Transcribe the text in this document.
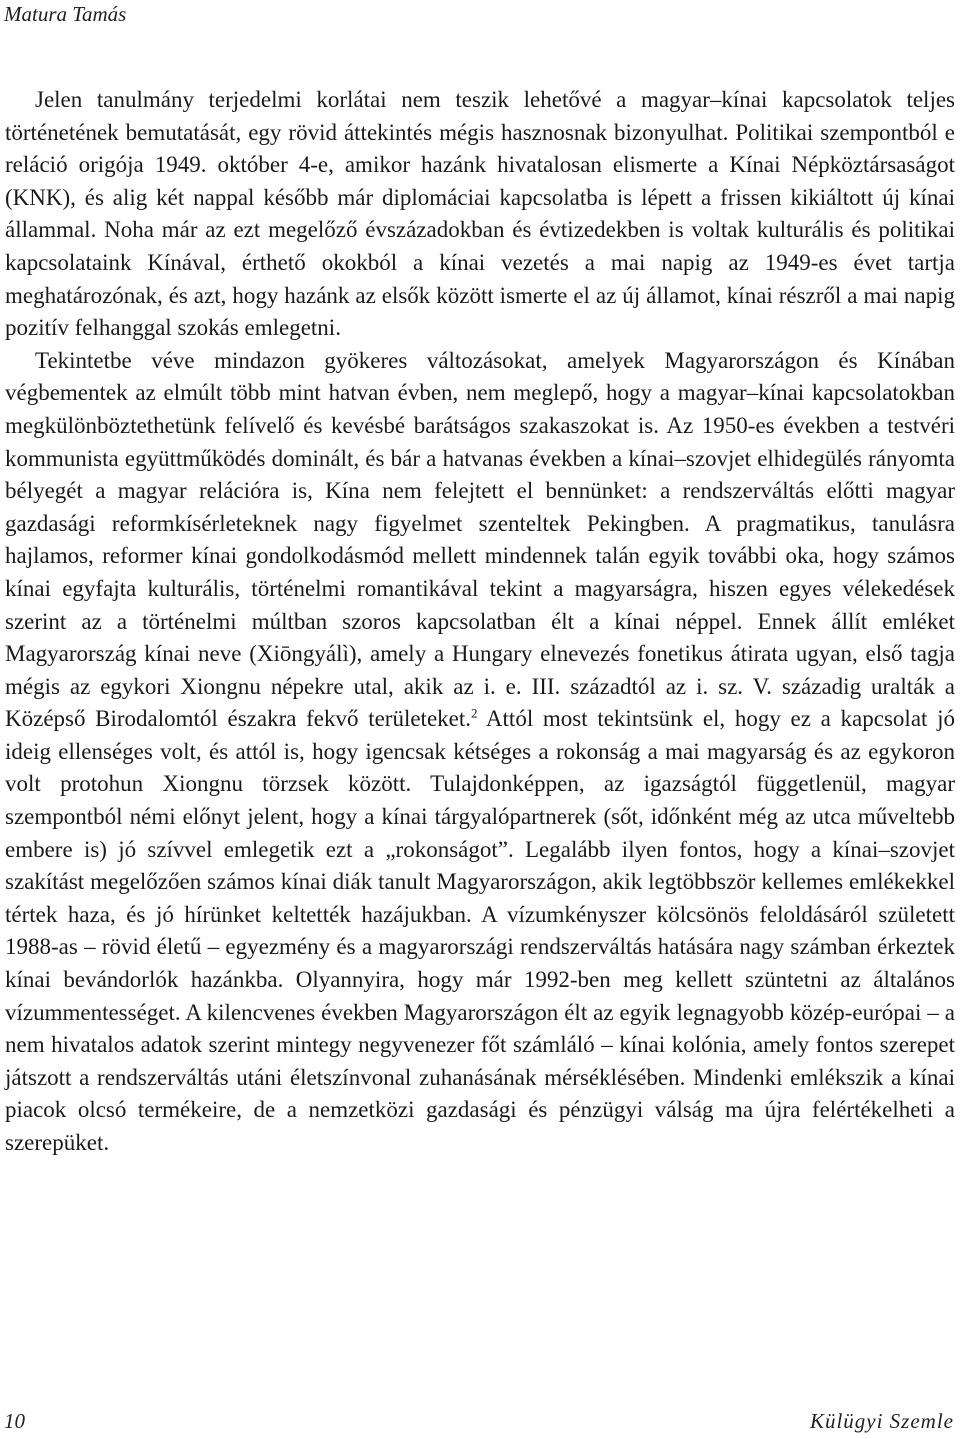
Matura Tamás

Jelen tanulmány terjedelmi korlátai nem teszik lehetővé a magyar–kínai kapcsolatok teljes történetének bemutatását, egy rövid áttekintés mégis hasznosnak bizonyulhat. Politikai szempontból e reláció origója 1949. október 4-e, amikor hazánk hivatalosan elismerte a Kínai Népköztársaságot (KNK), és alig két nappal később már diplomáciai kapcsolatba is lépett a frissen kikiáltott új kínai állammal. Noha már az ezt megelőző évszázadokban és évtizedekben is voltak kulturális és politikai kapcsolataink Kínával, érthető okokból a kínai vezetés a mai napig az 1949-es évet tartja meghatározónak, és azt, hogy hazánk az elsők között ismerte el az új államot, kínai részről a mai napig pozitív felhanggal szokás emlegetni.

Tekintetbe véve mindazon gyökeres változásokat, amelyek Magyarországon és Kínában végbementek az elmúlt több mint hatvan évben, nem meglepő, hogy a magyar–kínai kapcsolatokban megkülönböztethetünk felívelő és kevésbé barátságos szakaszokat is. Az 1950-es években a testvéri kommunista együttműködés dominált, és bár a hatvanas években a kínai–szovjet elhidegülés rányomta bélyegét a magyar relációra is, Kína nem felejtett el bennünket: a rendszerváltás előtti magyar gazdasági reformkísérleteknek nagy figyelmet szenteltek Pekingben. A pragmatikus, tanulásra hajlamos, reformer kínai gondolkodásmód mellett mindennek talán egyik további oka, hogy számos kínai egyfajta kulturális, történelmi romantikával tekint a magyarságra, hiszen egyes vélekedések szerint az a történelmi múltban szoros kapcsolatban élt a kínai néppel. Ennek állít emléket Magyarország kínai neve (Xiōngyálì), amely a Hungary elnevezés fonetikus átirata ugyan, első tagja mégis az egykori Xiongnu népekre utal, akik az i. e. III. századtól az i. sz. V. századig uralták a Középső Birodalomtól északra fekvő területeket.$^2$ Attól most tekintsünk el, hogy ez a kapcsolat jó ideig ellenséges volt, és attól is, hogy igencsak kétséges a rokonság a mai magyarság és az egykoron volt protohun Xiongnu törzsek között. Tulajdonképpen, az igazságtól függetlenül, magyar szempontból némi előnyt jelent, hogy a kínai tárgyalópartnerek (sőt, időnként még az utca műveltebb embere is) jó szívvel emlegetik ezt a „rokonságot”. Legalább ilyen fontos, hogy a kínai–szovjet szakítást megelőzően számos kínai diák tanult Magyarországon, akik legtöbbször kellemes emlékekkel tértek haza, és jó hírünket keltették hazájukban. A vízumkényszer kölcsönös feloldásáról született 1988-as – rövid életű – egyezmény és a magyarországi rendszerváltás hatására nagy számban érkeztek kínai bevándorlók hazánkba. Olyannyira, hogy már 1992-ben meg kellett szüntetni az általános vízummentességet. A kilencvenes években Magyarországon élt az egyik legnagyobb közép-európai – a nem hivatalos adatok szerint mintegy negyvenezer főt számláló – kínai kolónia, amely fontos szerepet játszott a rendszerváltás utáni életszínvonal zuhanásának mérséklésében. Mindenki emlékszik a kínai piacok olcsó termékeire, de a nemzetközi gazdasági és pénzügyi válság ma újra felértékelheti a szerepüket.

10	Külügyi Szemle
